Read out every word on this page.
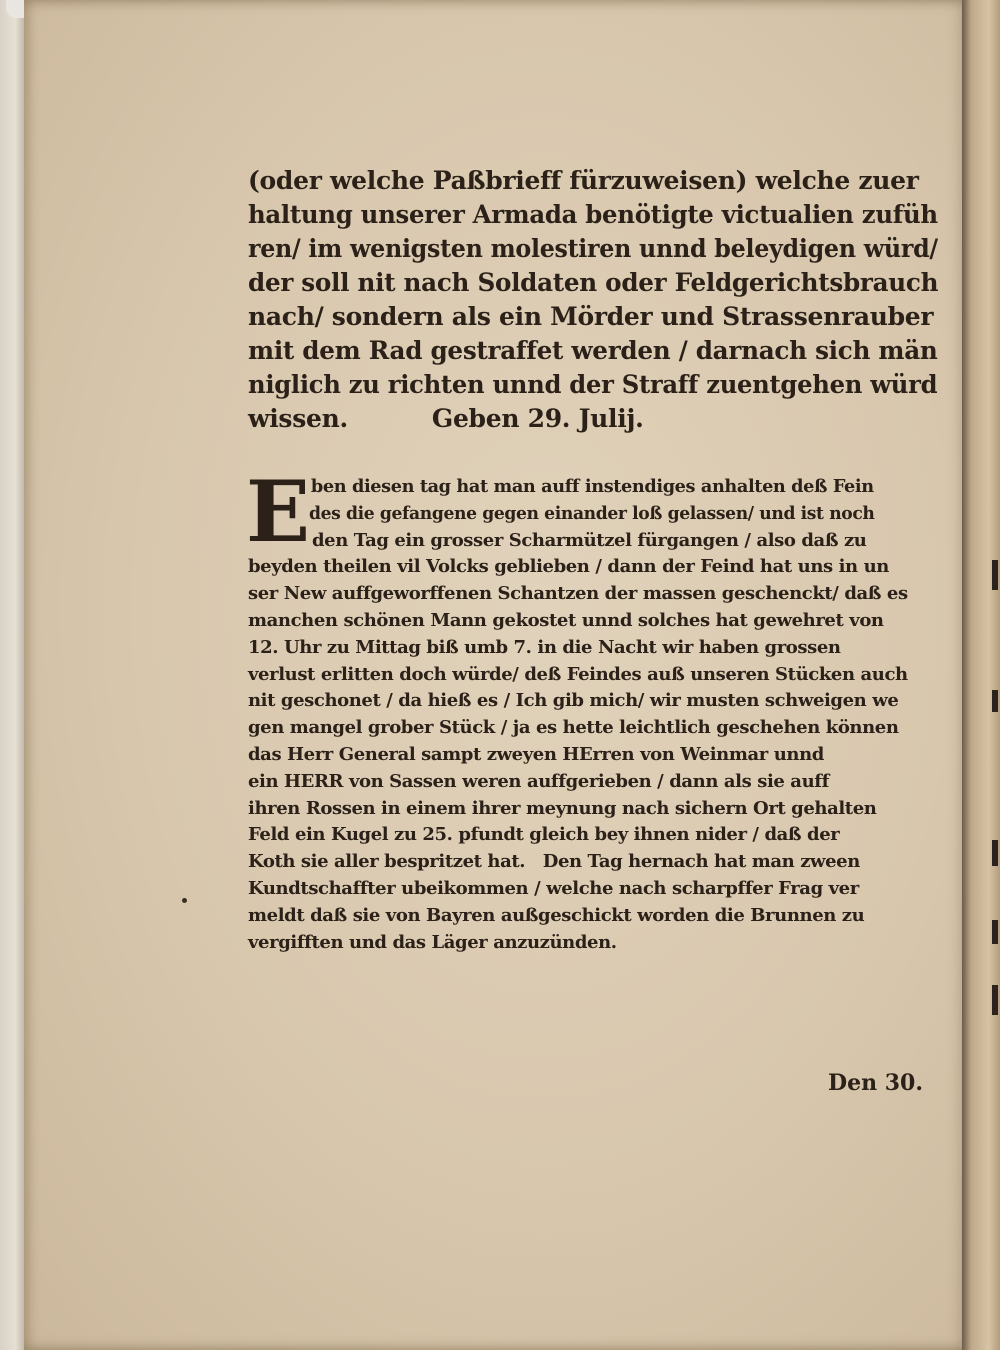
(oder welche Paßbrieff fürzuweisen) welche zuer
haltung unserer Armada benötigte victualien zufüh
ren/ im wenigsten molestiren unnd beleydigen würd/
der soll nit nach Soldaten oder Feldgerichtsbrauch
nach/ sondern als ein Mörder und Strassenrauber
mit dem Rad gestraffet werden / darnach sich män
niglich zu richten unnd der Straff zuentgehen würd
wissen.          Geben 29. Julij.
E ben diesen tag hat man auff instendiges anhalten deß Fein
des die gefangene gegen einander loß gelassen/ und ist noch
den Tag ein grosser Scharmützel fürgangen / also daß zu
beyden theilen vil Volcks geblieben / dann der Feind hat uns in un
ser New auffgeworffenen Schantzen der massen geschenckt/ daß es
manchen schönen Mann gekostet unnd solches hat gewehret von
12. Uhr zu Mittag biß umb 7. in die Nacht wir haben grossen
verlust erlitten doch würde/ deß Feindes auß unseren Stücken auch
nit geschonet / da hieß es / Ich gib mich/ wir musten schweigen we
gen mangel grober Stück / ja es hette leichtlich geschehen können
das Herr General sampt zweyen HErren von Weinmar unnd
ein HERR von Sassen weren auffgerieben / dann als sie auff
ihren Rossen in einem ihrer meynung nach sichern Ort gehalten
Feld ein Kugel zu 25. pfundt gleich bey ihnen nider / daß der
Koth sie aller bespritzet hat.   Den Tag hernach hat man zween
Kundtschaffter ubeikommen / welche nach scharpffer Frag ver
meldt daß sie von Bayren außgeschickt worden die Brunnen zu
vergifften und das Läger anzuzünden.
Den 30.
